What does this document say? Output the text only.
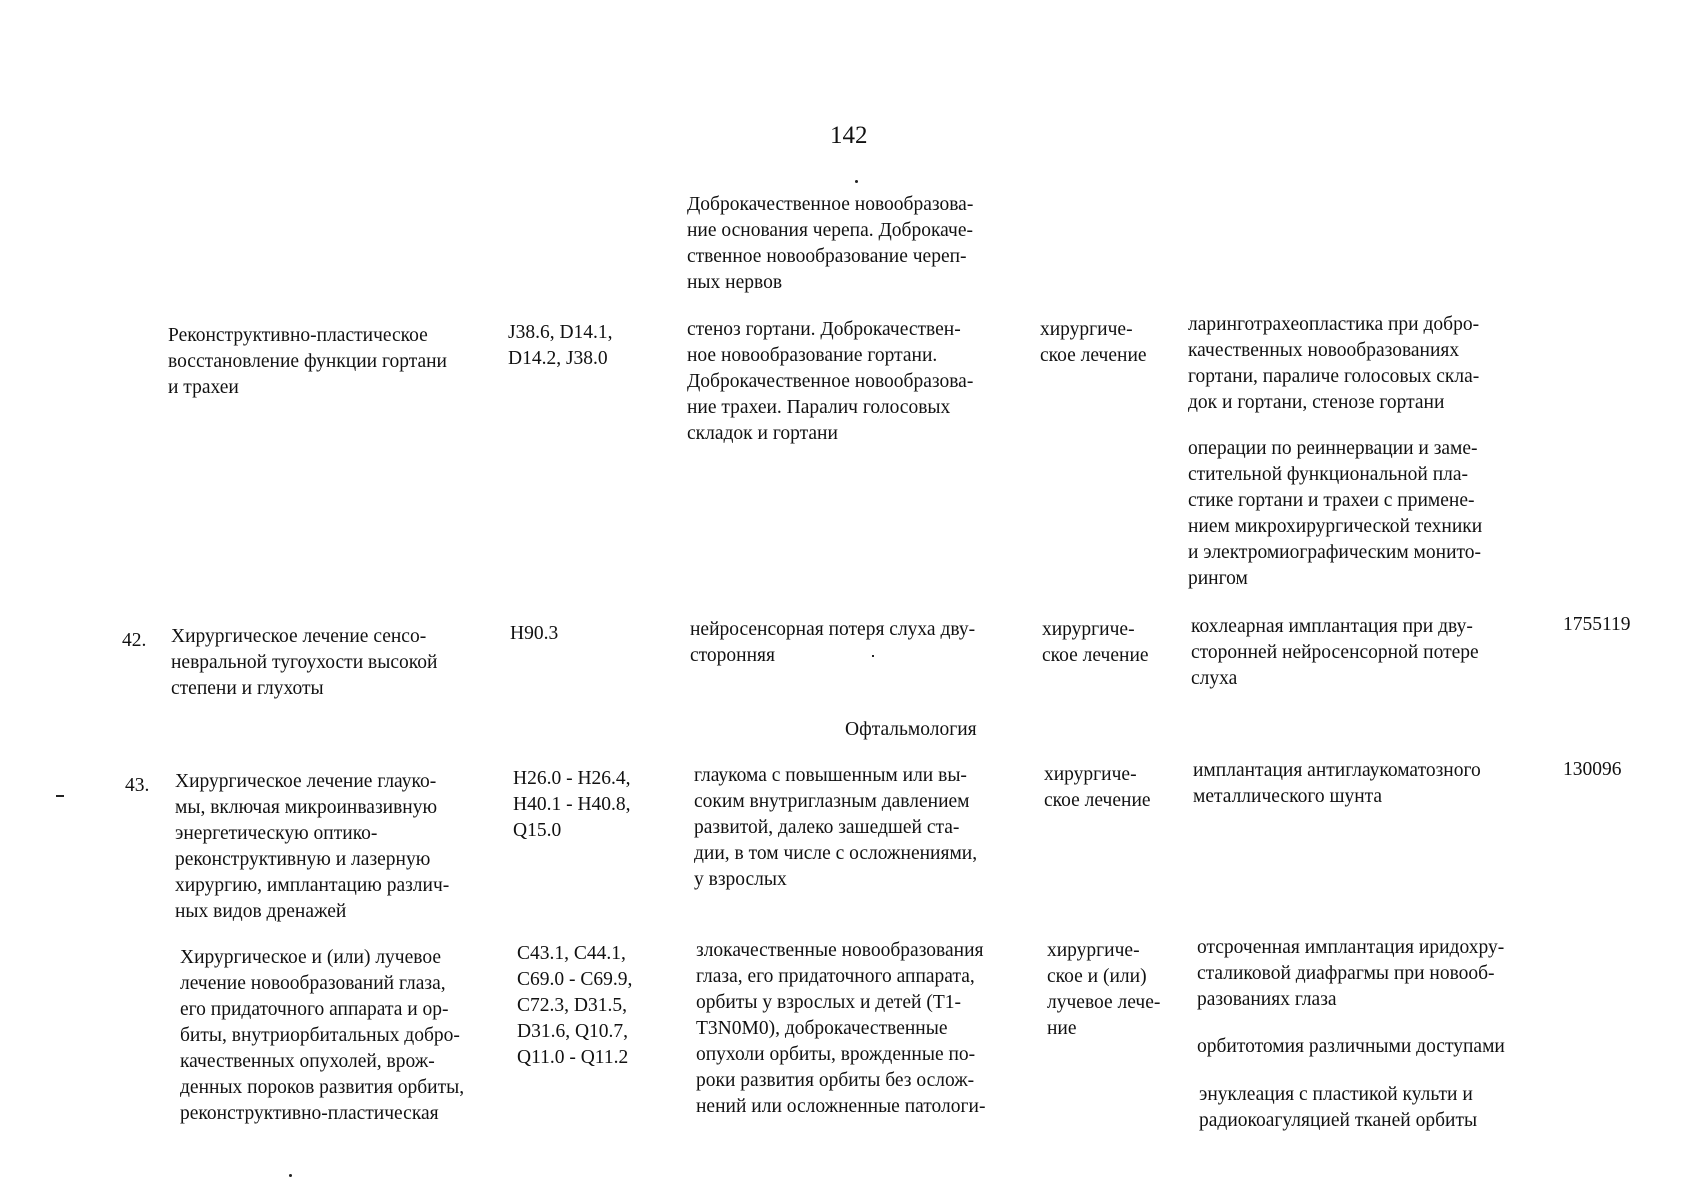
142
Доброкачественное новообразова-
ние основания черепа. Доброкаче-
ственное новообразование череп-
ных нервов
Реконструктивно-пластическое
восстановление функции гортани
и трахеи
J38.6, D14.1,
D14.2, J38.0
стеноз гортани. Доброкачествен-
ное новообразование гортани.
Доброкачественное новообразова-
ние трахеи. Паралич голосовых
складок и гортани
хирургиче-
ское лечение
ларинготрахеопластика при добро-
качественных новообразованиях
гортани, параличе голосовых скла-
док и гортани, стенозе гортани
операции по реиннервации и заме-
стительной функциональной пла-
стике гортани и трахеи с примене-
нием микрохирургической техники
и электромиографическим монито-
рингом
42. Хирургическое лечение сенсо-
невральной тугоухости высокой
степени и глухоты
H90.3	нейросенсорная потеря слуха дву-
сторонняя
хирургиче-
ское лечение
кохлеарная имплантация при дву-
сторонней нейросенсорной потере
слуха
1755119
Офтальмология
43. Хирургическое лечение глауко-
мы, включая микроинвазивную
энергетическую оптико-
реконструктивную и лазерную
хирургию, имплантацию различ-
ных видов дренажей
H26.0 - H26.4,
H40.1 - H40.8,
Q15.0
глаукома с повышенным или вы-
соким внутриглазным давлением
развитой, далеко зашедшей ста-
дии, в том числе с осложнениями,
у взрослых
хирургиче-
ское лечение
имплантация антиглаукоматозного
металлического шунта
130096
Хирургическое и (или) лучевое
лечение новообразований глаза,
его придаточного аппарата и ор-
биты, внутриорбитальных добро-
качественных опухолей, врож-
денных пороков развития орбиты,
реконструктивно-пластическая
C43.1, C44.1,
C69.0 - C69.9,
C72.3, D31.5,
D31.6, Q10.7,
Q11.0 - Q11.2
злокачественные новообразования
глаза, его придаточного аппарата,
орбиты у взрослых и детей (T1-
T3N0M0), доброкачественные
опухоли орбиты, врожденные по-
роки развития орбиты без ослож-
нений или осложненные патологи-
хирургиче-
ское и (или)
лучевое лече-
ние
отсроченная имплантация иридохру-
сталиковой диафрагмы при новооб-
разованиях глаза
орбитотомия различными доступами
энуклеация с пластикой культи и
радиокоагуляцией тканей орбиты
